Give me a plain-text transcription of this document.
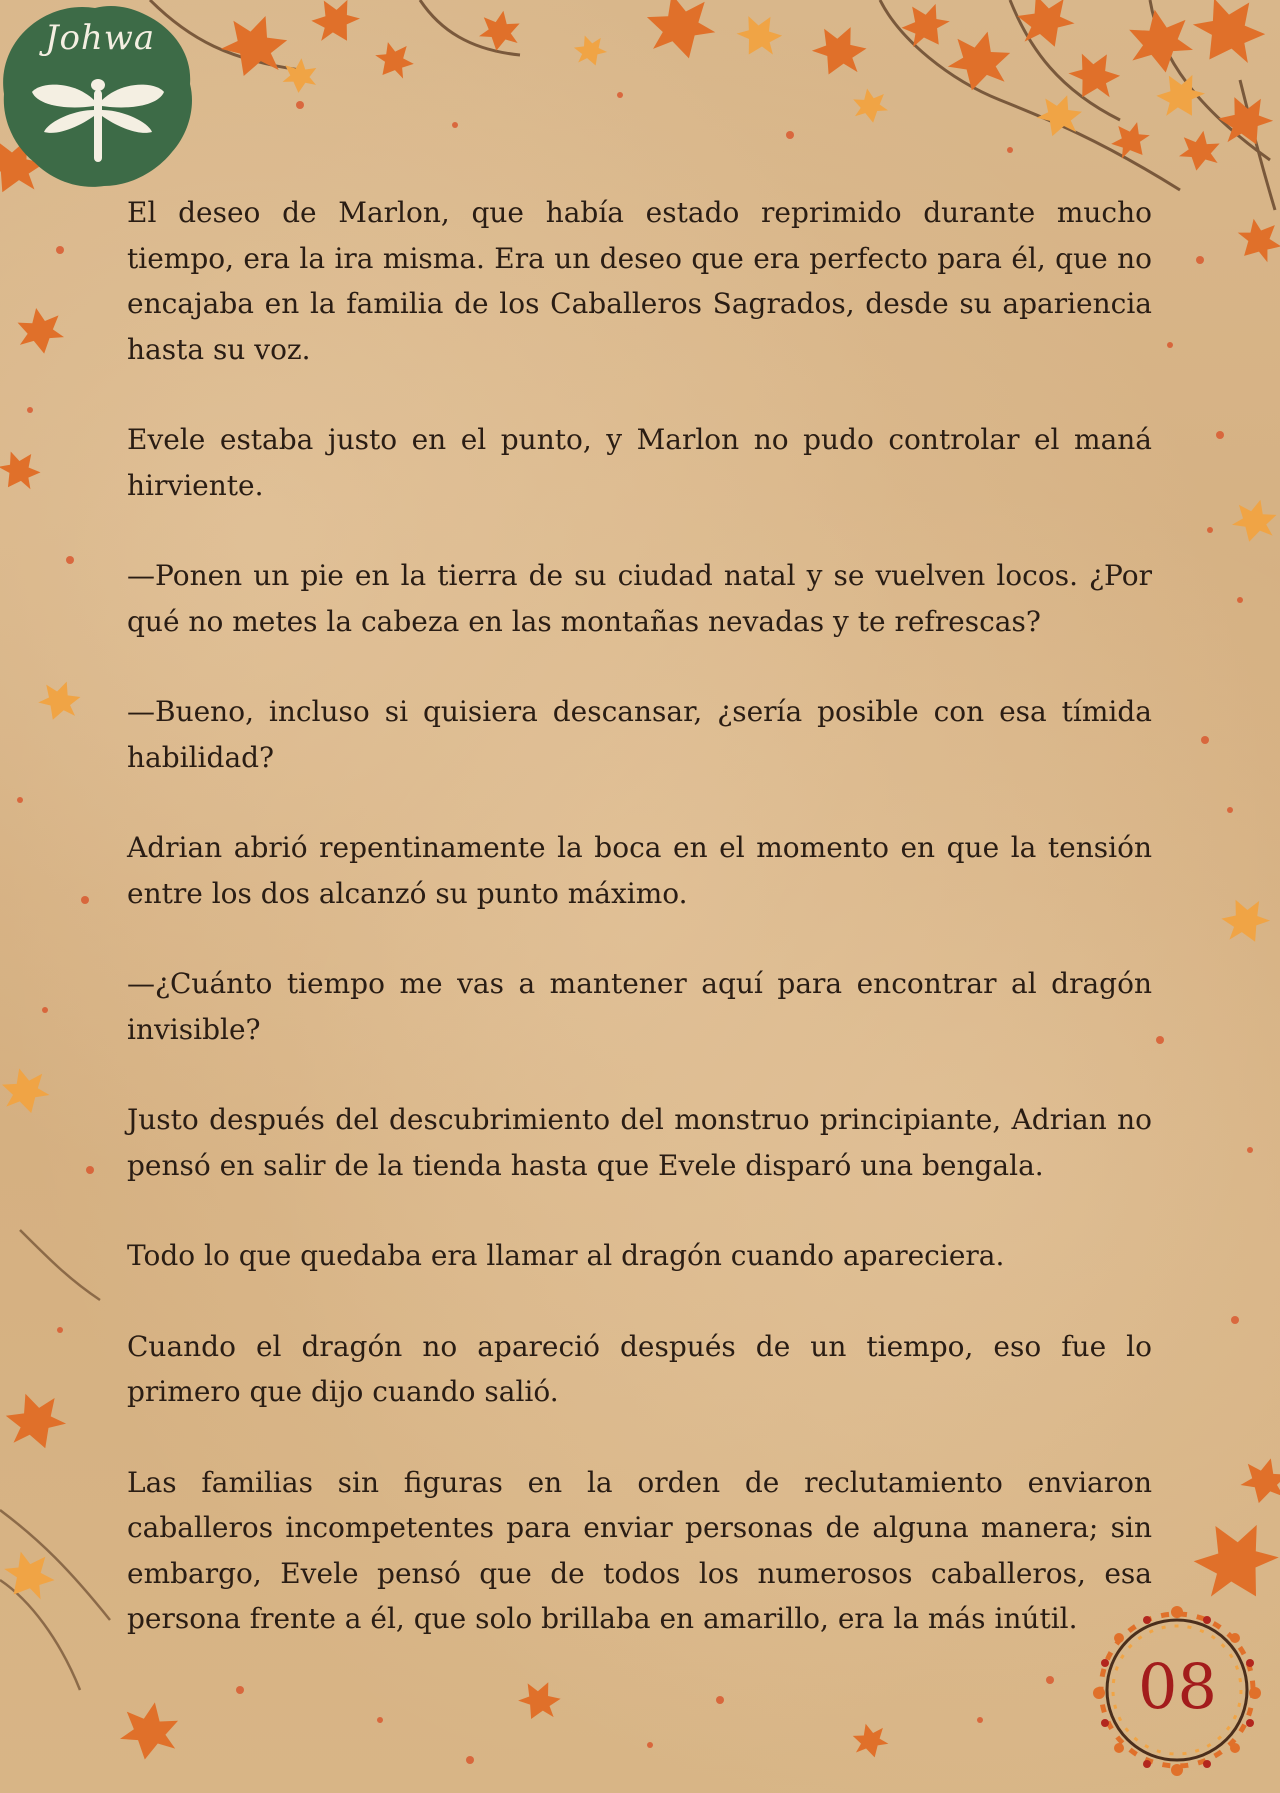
Johwa

El deseo de Marlon, que había estado reprimido durante mucho tiempo, era la ira misma. Era un deseo que era perfecto para él, que no encajaba en la familia de los Caballeros Sagrados, desde su apariencia hasta su voz.

Evele estaba justo en el punto, y Marlon no pudo controlar el maná hirviente.

—Ponen un pie en la tierra de su ciudad natal y se vuelven locos. ¿Por qué no metes la cabeza en las montañas nevadas y te refrescas?

—Bueno, incluso si quisiera descansar, ¿sería posible con esa tímida habilidad?

Adrian abrió repentinamente la boca en el momento en que la tensión entre los dos alcanzó su punto máximo.

—¿Cuánto tiempo me vas a mantener aquí para encontrar al dragón invisible?

Justo después del descubrimiento del monstruo principiante, Adrian no pensó en salir de la tienda hasta que Evele disparó una bengala.

Todo lo que quedaba era llamar al dragón cuando apareciera.

Cuando el dragón no apareció después de un tiempo, eso fue lo primero que dijo cuando salió.

Las familias sin figuras en la orden de reclutamiento enviaron caballeros incompetentes para enviar personas de alguna manera; sin embargo, Evele pensó que de todos los numerosos caballeros, esa persona frente a él, que solo brillaba en amarillo, era la más inútil.

08
